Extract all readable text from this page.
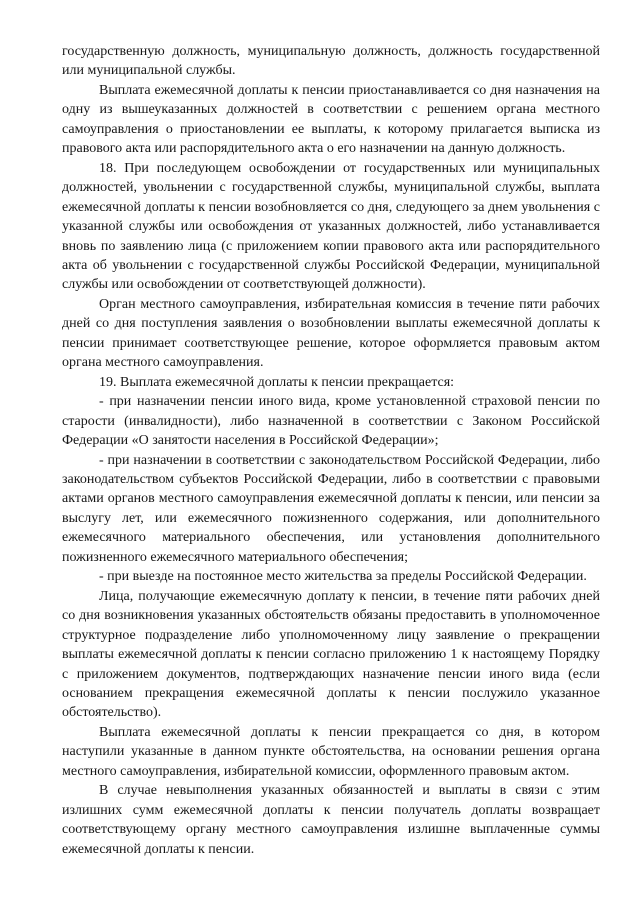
государственную должность, муниципальную должность, должность государственной или муниципальной службы.

Выплата ежемесячной доплаты к пенсии приостанавливается со дня назначения на одну из вышеуказанных должностей в соответствии с решением органа местного самоуправления о приостановлении ее выплаты, к которому прилагается выписка из правового акта или распорядительного акта о его назначении на данную должность.

18. При последующем освобождении от государственных или муниципальных должностей, увольнении с государственной службы, муниципальной службы, выплата ежемесячной доплаты к пенсии возобновляется со дня, следующего за днем увольнения с указанной службы или освобождения от указанных должностей, либо устанавливается вновь по заявлению лица (с приложением копии правового акта или распорядительного акта об увольнении с государственной службы Российской Федерации, муниципальной службы или освобождении от соответствующей должности).

Орган местного самоуправления, избирательная комиссия в течение пяти рабочих дней со дня поступления заявления о возобновлении выплаты ежемесячной доплаты к пенсии принимает соответствующее решение, которое оформляется правовым актом органа местного самоуправления.

19. Выплата ежемесячной доплаты к пенсии прекращается:

- при назначении пенсии иного вида, кроме установленной страховой пенсии по старости (инвалидности), либо назначенной в соответствии с Законом Российской Федерации «О занятости населения в Российской Федерации»;

- при назначении в соответствии с законодательством Российской Федерации, либо законодательством субъектов Российской Федерации, либо в соответствии с правовыми актами органов местного самоуправления ежемесячной доплаты к пенсии, или пенсии за выслугу лет, или ежемесячного пожизненного содержания, или дополнительного ежемесячного материального обеспечения, или установления дополнительного пожизненного ежемесячного материального обеспечения;

- при выезде на постоянное место жительства за пределы Российской Федерации.

Лица, получающие ежемесячную доплату к пенсии, в течение пяти рабочих дней со дня возникновения указанных обстоятельств обязаны предоставить в уполномоченное структурное подразделение либо уполномоченному лицу заявление о прекращении выплаты ежемесячной доплаты к пенсии согласно приложению 1 к настоящему Порядку с приложением документов, подтверждающих назначение пенсии иного вида (если основанием прекращения ежемесячной доплаты к пенсии послужило указанное обстоятельство).

Выплата ежемесячной доплаты к пенсии прекращается со дня, в котором наступили указанные в данном пункте обстоятельства, на основании решения органа местного самоуправления, избирательной комиссии, оформленного правовым актом.

В случае невыполнения указанных обязанностей и выплаты в связи с этим излишних сумм ежемесячной доплаты к пенсии получатель доплаты возвращает соответствующему органу местного самоуправления излишне выплаченные суммы ежемесячной доплаты к пенсии.
